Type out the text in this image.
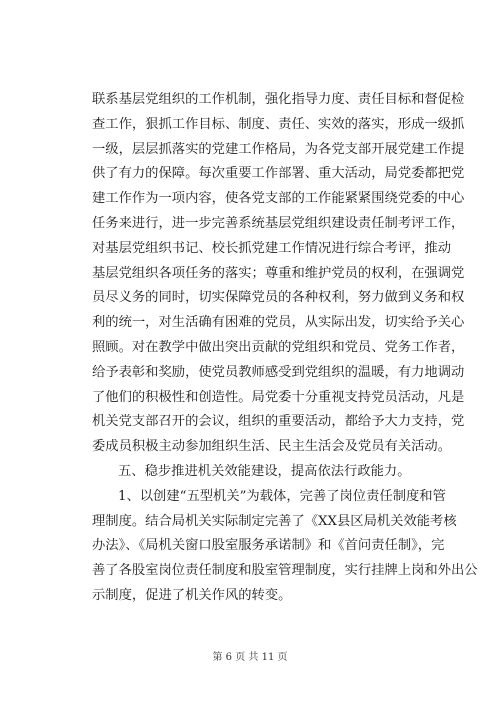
联系基层党组织的工作机制，强化指导力度、责任目标和督促检
查工作，狠抓工作目标、制度、责任、实效的落实，形成一级抓
一级，层层抓落实的党建工作格局，为各党支部开展党建工作提
供了有力的保障。每次重要工作部署、重大活动，局党委都把党
建工作作为一项内容，使各党支部的工作能紧紧围绕党委的中心
任务来进行，进一步完善系统基层党组织建设责任制考评工作，
对基层党组织书记、校长抓党建工作情况进行综合考评，推动
基层党组织各项任务的落实；尊重和维护党员的权利，在强调党
员尽义务的同时，切实保障党员的各种权利，努力做到义务和权
利的统一，对生活确有困难的党员，从实际出发，切实给予关心
照顾。对在教学中做出突出贡献的党组织和党员、党务工作者，
给予表彰和奖励，使党员教师感受到党组织的温暖，有力地调动
了他们的积极性和创造性。局党委十分重视支持党员活动，凡是
机关党支部召开的会议，组织的重要活动，都给予大力支持，党
委成员积极主动参加组织生活、民主生活会及党员有关活动。
五、稳步推进机关效能建设，提高依法行政能力。
1、以创建“五型机关”为载体，完善了岗位责任制度和管
理制度。结合局机关实际制定完善了《XX县区局机关效能考核
办法》、《局机关窗口股室服务承诺制》和《首问责任制》，完
善了各股室岗位责任制度和股室管理制度，实行挂牌上岗和外出公
示制度，促进了机关作风的转变。
第 6 页 共 11 页
